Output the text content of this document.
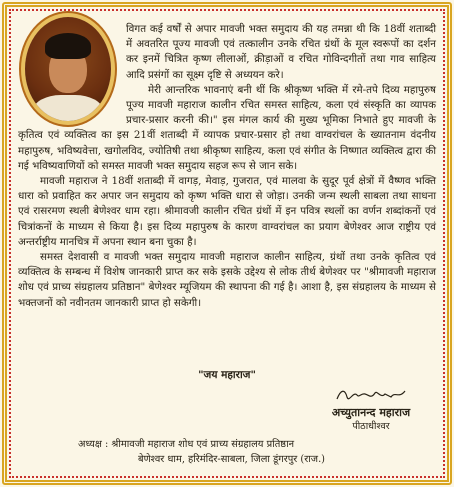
विगत कई वर्षों से अपार मावजी भक्त समुदाय की यह तमन्ना थी कि 18वीं शताब्दी में अवतरित पूज्य मावजी एवं तत्कालीन उनके रचित ग्रंथों के मूल स्वरूपों का दर्शन कर इनमें चित्रित कृष्ण लीलाओं, क्रीड़ाओं व रचित गोविन्दगीतों तथा गाव साहित्य आदि प्रसंगों का सूक्ष्म दृष्टि से अध्ययन करे।

मेरी आन्तरिक भावनाएं बनी थीं कि श्रीकृष्ण भक्ति में रमे-तपे दिव्य महापुरुष पूज्य मावजी महाराज कालीन रचित समस्त साहित्य, कला एवं संस्कृति का व्यापक प्रचार-प्रसार करनी की।" इस मंगल कार्य की मुख्य भूमिका निभाते हुए मावजी के कृतित्व एवं व्यक्तित्व का इस 21वीं शताब्दी में व्यापक प्रचार-प्रसार हो तथा वाग्वरांचल के ख्यातनाम वंदनीय महापुरुष, भविष्यवेत्ता, खगोलविद, ज्योतिषी तथा श्रीकृष्ण साहित्य, कला एवं संगीत के निष्णात व्यक्तित्व द्वारा की गई भविष्यवाणियों को समस्त मावजी भक्त समुदाय सहज रूप से जान सके।

मावजी महाराज ने 18वीं शताब्दी में वागड़, मेवाड़, गुजरात, एवं मालवा के सुदूर पूर्व क्षेत्रों में वैष्णव भक्ति धारा को प्रवाहित कर अपार जन समुदाय को कृष्ण भक्ति धारा से जोड़ा। उनकी जन्म स्थली साबला तथा साधना एवं रासरमण स्थली बेणेश्वर धाम रहा। श्रीमावजी कालीन रचित ग्रंथों में इन पवित्र स्थलों का वर्णन शब्दांकनों एवं चित्रांकनों के माध्यम से किया है। इस दिव्य महापुरुष के कारण वाग्वरांचल का प्रयाग बेणेश्वर आज राष्ट्रीय एवं अन्तर्राष्ट्रीय मानचित्र में अपना स्थान बना चुका है।

समस्त देशवासी व मावजी भक्त समुदाय मावजी महाराज कालीन साहित्य, ग्रंथों तथा उनके कृतित्व एवं व्यक्तित्व के सम्बन्ध में विशेष जानकारी प्राप्त कर सके इसके उद्देश्य से लोक तीर्थ बेणेश्वर पर "श्रीमावजी महाराज शोध एवं प्राच्य संग्रहालय प्रतिष्ठान" बेणेश्वर म्यूजियम की स्थापना की गई है। आशा है, इस संग्रहालय के माध्यम से भक्तजनों को नवीनतम जानकारी प्राप्त हो सकेगी।

"जय महाराज"
अच्युतानन्द महाराज
पीठाधीश्वर
अध्यक्ष : श्रीमावजी महाराज शोध एवं प्राच्य संग्रहालय प्रतिष्ठान
बेणेश्वर धाम, हरिमंदिर-साबला, जिला डूंगरपुर (राज.)
